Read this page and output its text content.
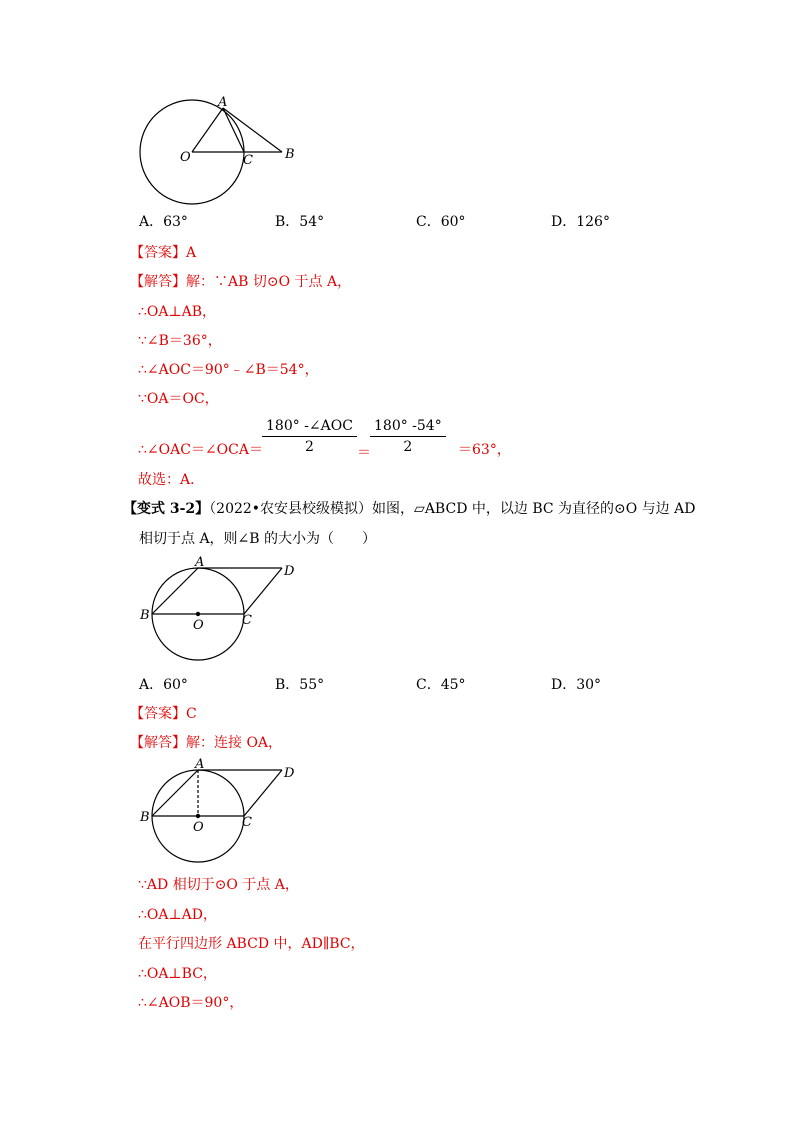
A
O	C B
A．63°	B．54°	C．60°	D．126°
【答案】A
【解答】解：∵AB 切⊙O 于点 A，
∴OA⊥AB，
∵∠B＝36°，
∴∠AOC＝90°﹣∠B＝54°，
∵OA＝OC，
∴∠OAC＝∠OCA＝
180° -∠AOC
2	＝ $\frac{180^\circ -54^\circ}{2} =63^\circ$，
故选：A．
【变式 3-2】（2022•农安县校级模拟）如图，▱ABCD 中，以边 BC 为直径的⊙O 与边 AD
相切于点 A，则∠B 的大小为（　　）
A
D
B
O	C
A．60°	B．55°	C．45°	D．30°
【答案】C
【解答】解：连接 OA，
A
D
B
O	C
∵AD 相切于⊙O 于点 A，
∴OA⊥AD，
在平行四边形 ABCD 中，AD∥BC，
∴OA⊥BC，
∴∠AOB＝90°，
